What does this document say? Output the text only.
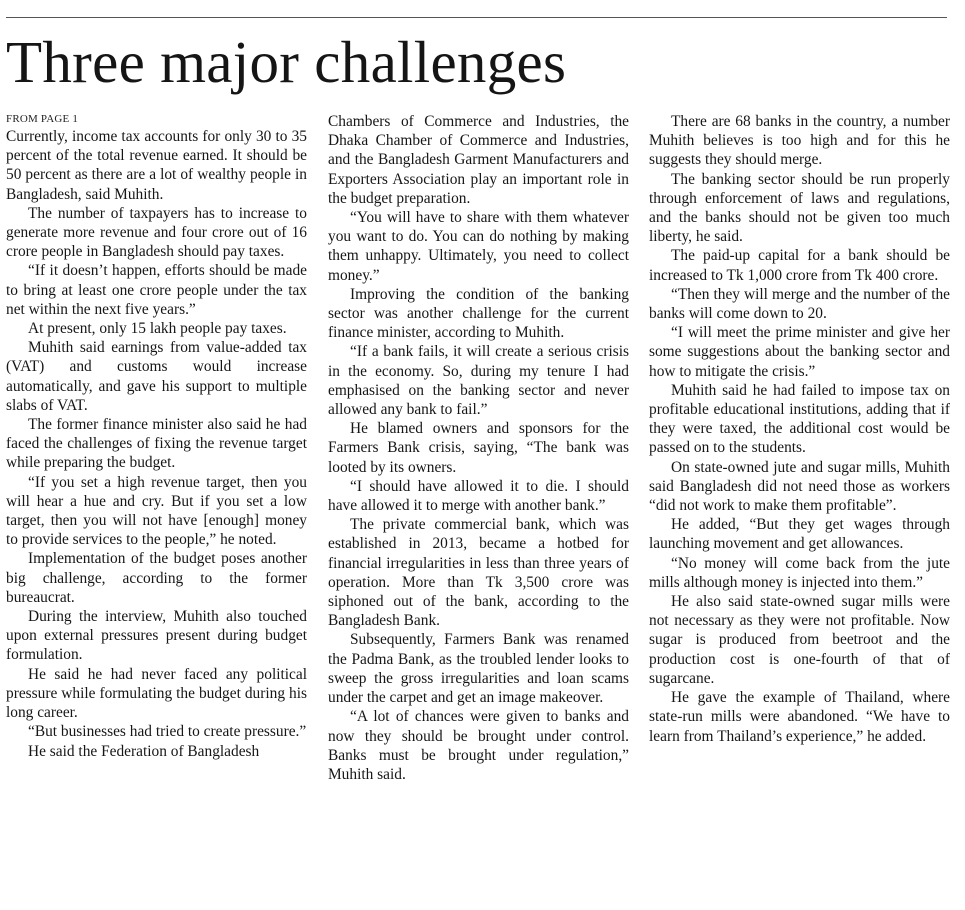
Three major challenges
FROM PAGE 1

Currently, income tax accounts for only 30 to 35 percent of the total revenue earned. It should be 50 percent as there are a lot of wealthy people in Bangladesh, said Muhith.

The number of taxpayers has to increase to generate more revenue and four crore out of 16 crore people in Bangladesh should pay taxes.

“If it doesn’t happen, efforts should be made to bring at least one crore people under the tax net within the next five years.”

At present, only 15 lakh people pay taxes.

Muhith said earnings from value-added tax (VAT) and customs would increase automatically, and gave his support to multiple slabs of VAT.

The former finance minister also said he had faced the challenges of fixing the revenue target while preparing the budget.

“If you set a high revenue target, then you will hear a hue and cry. But if you set a low target, then you will not have [enough] money to provide services to the people,” he noted.

Implementation of the budget poses another big challenge, according to the former bureaucrat.

During the interview, Muhith also touched upon external pressures present during budget formulation.

He said he had never faced any political pressure while formulating the budget during his long career.

“But businesses had tried to create pressure.”

He said the Federation of Bangladesh

Chambers of Commerce and Industries, the Dhaka Chamber of Commerce and Industries, and the Bangladesh Garment Manufacturers and Exporters Association play an important role in the budget preparation.

“You will have to share with them whatever you want to do. You can do nothing by making them unhappy. Ultimately, you need to collect money.”

Improving the condition of the banking sector was another challenge for the current finance minister, according to Muhith.

“If a bank fails, it will create a serious crisis in the economy. So, during my tenure I had emphasised on the banking sector and never allowed any bank to fail.”

He blamed owners and sponsors for the Farmers Bank crisis, saying, “The bank was looted by its owners.

“I should have allowed it to die. I should have allowed it to merge with another bank.”

The private commercial bank, which was established in 2013, became a hotbed for financial irregularities in less than three years of operation. More than Tk 3,500 crore was siphoned out of the bank, according to the Bangladesh Bank.

Subsequently, Farmers Bank was renamed the Padma Bank, as the troubled lender looks to sweep the gross irregularities and loan scams under the carpet and get an image makeover.

“A lot of chances were given to banks and now they should be brought under control. Banks must be brought under regulation,” Muhith said.

There are 68 banks in the country, a number Muhith believes is too high and for this he suggests they should merge.

The banking sector should be run properly through enforcement of laws and regulations, and the banks should not be given too much liberty, he said.

The paid-up capital for a bank should be increased to Tk 1,000 crore from Tk 400 crore.

“Then they will merge and the number of the banks will come down to 20.

“I will meet the prime minister and give her some suggestions about the banking sector and how to mitigate the crisis.”

Muhith said he had failed to impose tax on profitable educational institutions, adding that if they were taxed, the additional cost would be passed on to the students.

On state-owned jute and sugar mills, Muhith said Bangladesh did not need those as workers “did not work to make them profitable”.

He added, “But they get wages through launching movement and get allowances.

“No money will come back from the jute mills although money is injected into them.”

He also said state-owned sugar mills were not necessary as they were not profitable. Now sugar is produced from beetroot and the production cost is one-fourth of that of sugarcane.

He gave the example of Thailand, where state-run mills were abandoned. “We have to learn from Thailand’s experience,” he added.
